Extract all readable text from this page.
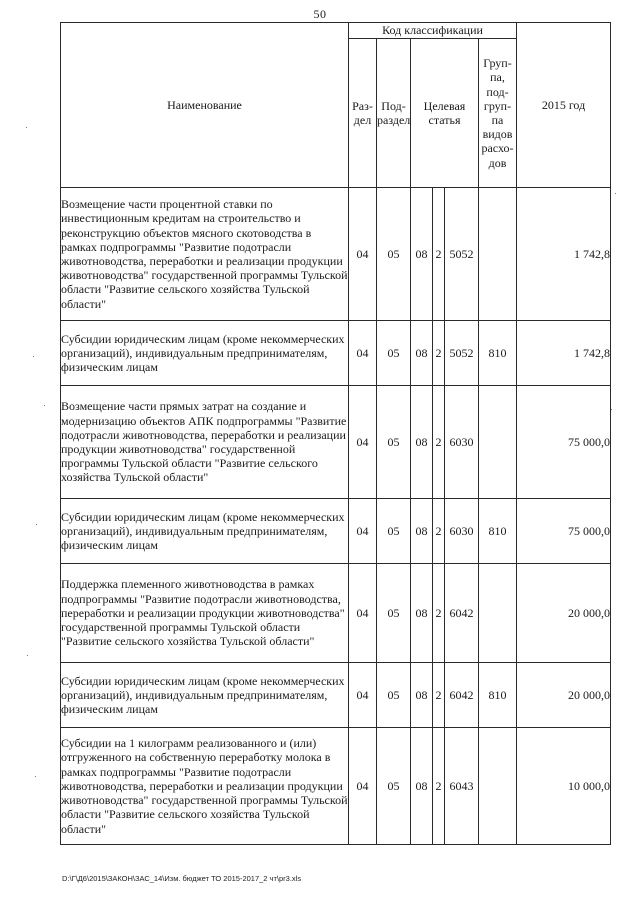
50
Наименование	Код классификации						2015 год
	Раз-дел	Под-раздел	Целевая статья			Груп-па, под-груп-па видов расхо-дов	
Возмещение части процентной ставки по инвестиционным кредитам на строительство и реконструкцию объектов мясного скотоводства в рамках подпрограммы "Развитие подотрасли животноводства, переработки и реализации продукции животноводства" государственной программы Тульской области "Развитие сельского хозяйства Тульской области"	04	05	08	2	5052		1 742,8
Субсидии юридическим лицам (кроме некоммерческих организаций), индивидуальным предпринимателям, физическим лицам	04	05	08	2	5052	810	1 742,8
Возмещение части прямых затрат на создание и модернизацию объектов АПК подпрограммы "Развитие подотрасли животноводства, переработки и реализации продукции животноводства" государственной программы Тульской области "Развитие сельского хозяйства Тульской области"	04	05	08	2	6030		75 000,0
Субсидии юридическим лицам (кроме некоммерческих организаций), индивидуальным предпринимателям, физическим лицам	04	05	08	2	6030	810	75 000,0
Поддержка племенного животноводства в рамках подпрограммы "Развитие подотрасли животноводства, переработки и реализации продукции животноводства" государственной программы Тульской области "Развитие сельского хозяйства Тульской области"	04	05	08	2	6042		20 000,0
Субсидии юридическим лицам (кроме некоммерческих организаций), индивидуальным предпринимателям, физическим лицам	04	05	08	2	6042	810	20 000,0
Субсидии на 1 килограмм реализованного и (или) отгруженного на собственную переработку молока в рамках подпрограммы "Развитие подотрасли животноводства, переработки и реализации продукции животноводства" государственной программы Тульской области "Развитие сельского хозяйства Тульской области"	04	05	08	2	6043		10 000,0
D:\Г\Д6\2015\ЗАКОН\ЗАС_14\Изм. бюджет ТО 2015-2017_2 чт\pr3.xls
